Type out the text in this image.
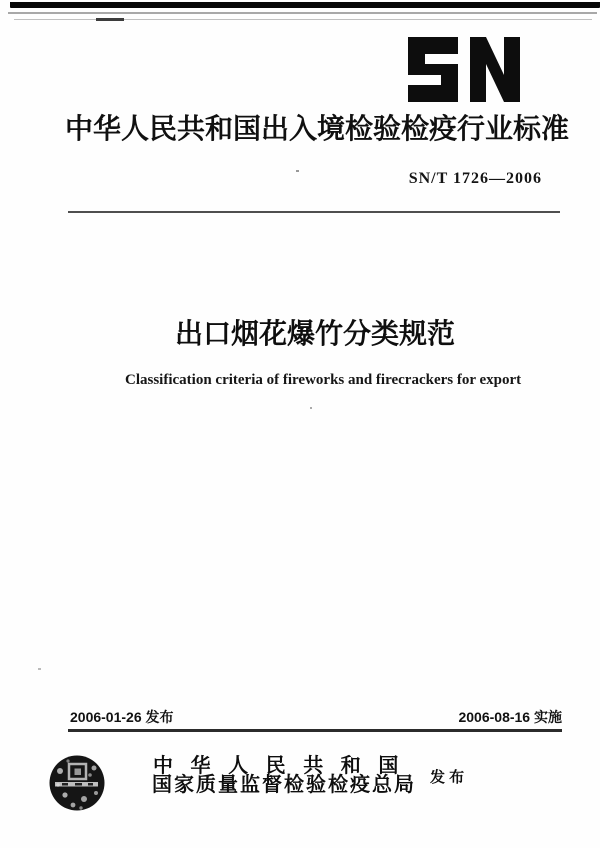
中华人民共和国出入境检验检疫行业标准
SN/T 1726—2006
出口烟花爆竹分类规范
Classification criteria of fireworks and firecrackers for export
2006-01-26 发布	2006-08-16 实施
中 华 人 民 共 和 国
国家质量监督检验检疫总局 发 布
